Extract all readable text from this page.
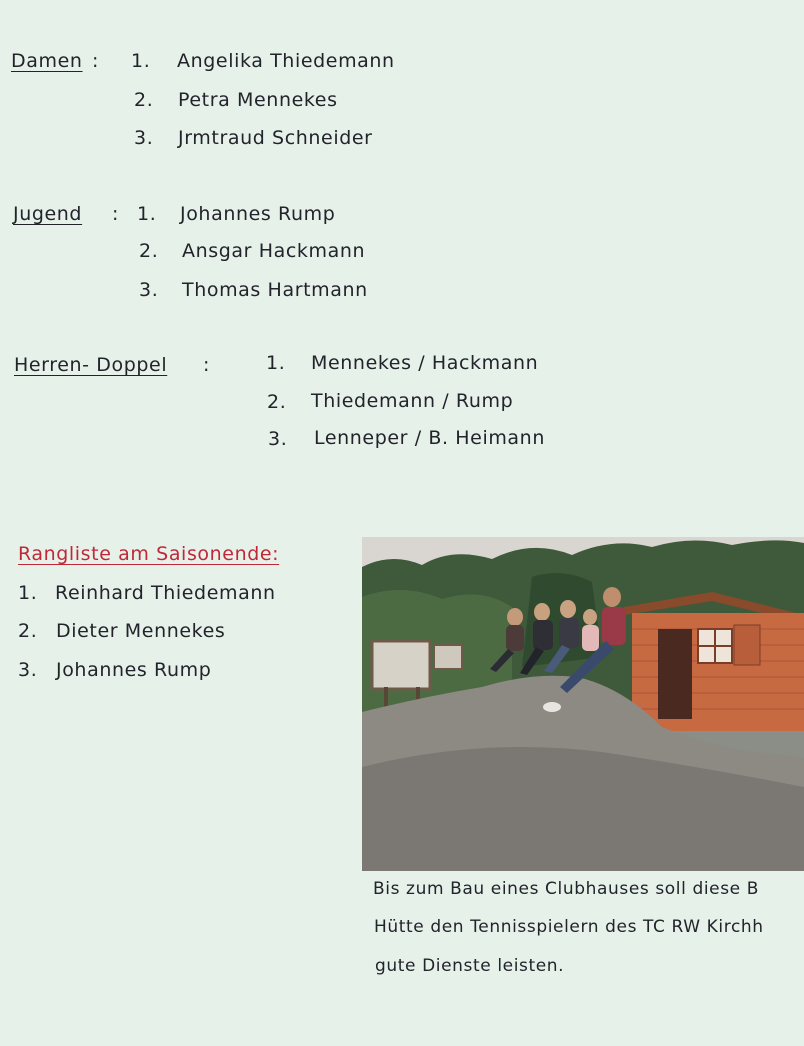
Damen : 1. Angelika Thiedemann
2. Petra Mennekes
3. Jrmtraud Schneider
Jugend : 1. Johannes Rump
2. Ansgar Hackmann
3. Thomas Hartmann
Herren- Doppel :	1. Mennekes / Hackmann
2. Thiedemann / Rump
3. Lenneper / B. Heimann
Rangliste am Saisonende:
1. Reinhard Thiedemann
2. Dieter Mennekes
3. Johannes Rump
Bis zum Bau eines Clubhauses soll diese B
Hütte den Tennisspielern des TC RW Kirchh
gute Dienste leisten.
